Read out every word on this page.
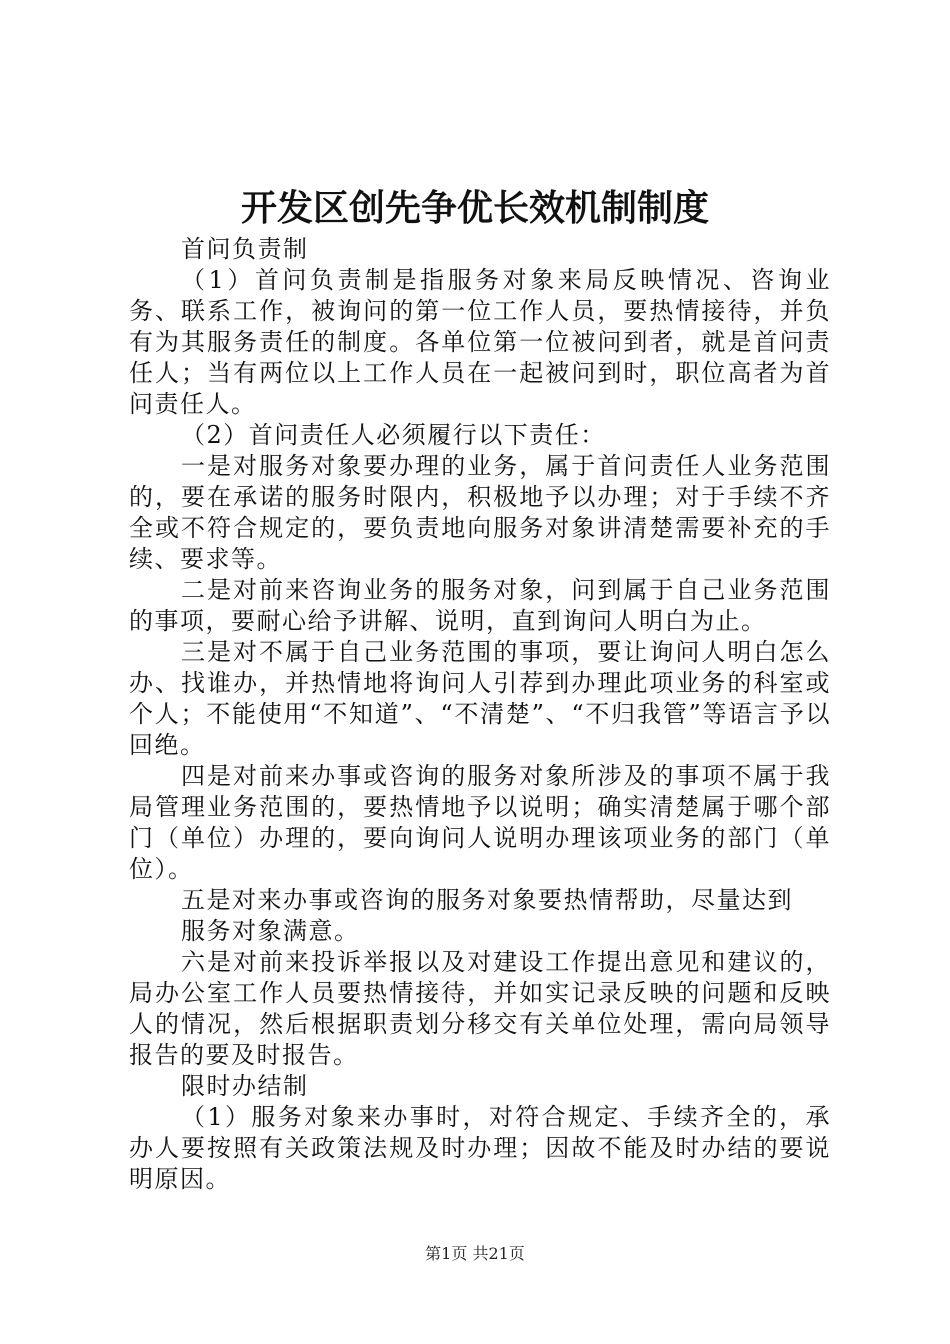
开发区创先争优长效机制制度

首问负责制

（1）首问负责制是指服务对象来局反映情况、咨询业务、联系工作，被询问的第一位工作人员，要热情接待，并负有为其服务责任的制度。各单位第一位被问到者，就是首问责任人；当有两位以上工作人员在一起被问到时，职位高者为首问责任人。

（2）首问责任人必须履行以下责任：

一是对服务对象要办理的业务，属于首问责任人业务范围的，要在承诺的服务时限内，积极地予以办理；对于手续不齐全或不符合规定的，要负责地向服务对象讲清楚需要补充的手续、要求等。

二是对前来咨询业务的服务对象，问到属于自己业务范围的事项，要耐心给予讲解、说明，直到询问人明白为止。

三是对不属于自己业务范围的事项，要让询问人明白怎么办、找谁办，并热情地将询问人引荐到办理此项业务的科室或个人；不能使用“不知道”、“不清楚”、“不归我管”等语言予以回绝。

四是对前来办事或咨询的服务对象所涉及的事项不属于我局管理业务范围的，要热情地予以说明；确实清楚属于哪个部门（单位）办理的，要向询问人说明办理该项业务的部门（单位）。

五是对来办事或咨询的服务对象要热情帮助，尽量达到

服务对象满意。

六是对前来投诉举报以及对建设工作提出意见和建议的，局办公室工作人员要热情接待，并如实记录反映的问题和反映人的情况，然后根据职责划分移交有关单位处理，需向局领导报告的要及时报告。

限时办结制

（1）服务对象来办事时，对符合规定、手续齐全的，承办人要按照有关政策法规及时办理；因故不能及时办结的要说明原因。

第1页 共21页
